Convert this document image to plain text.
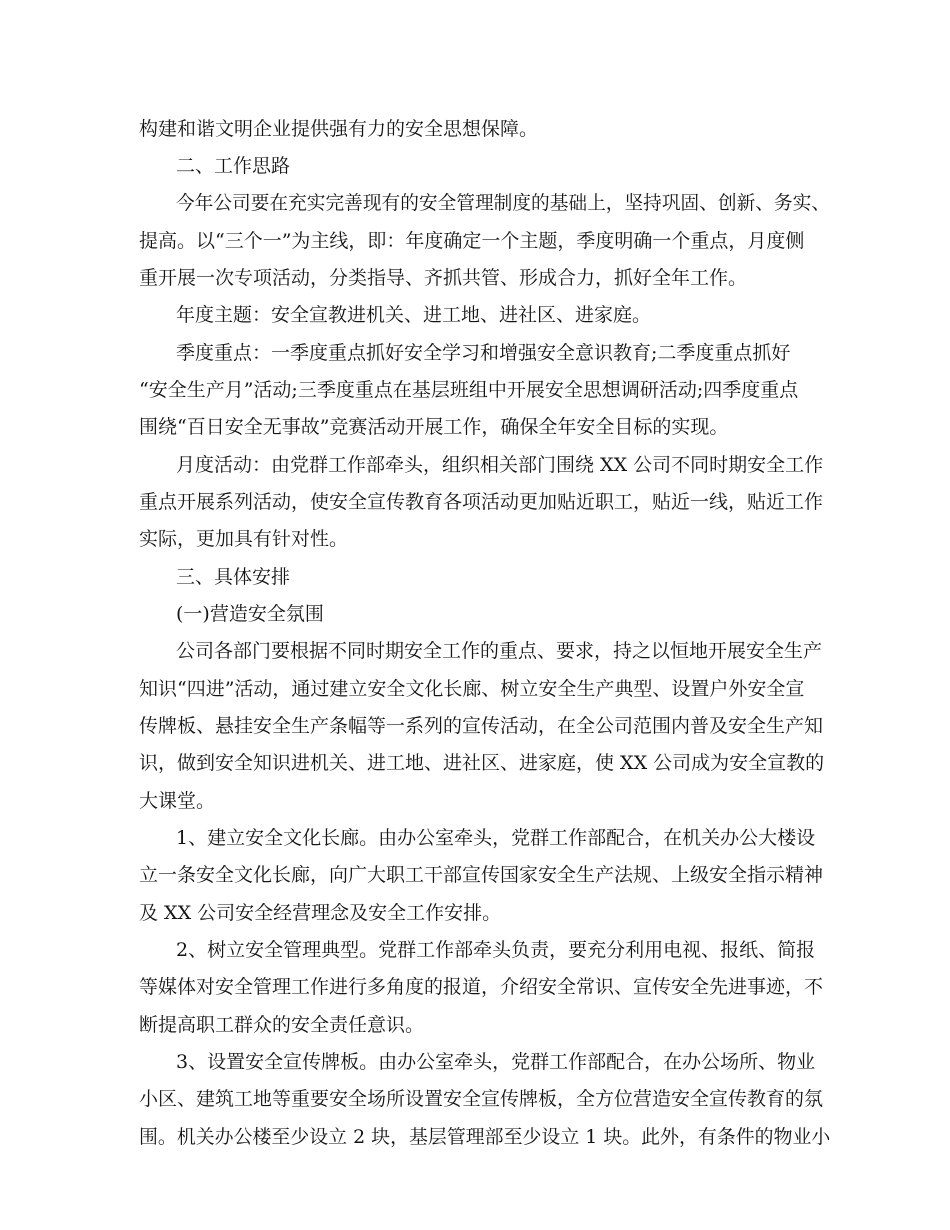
构建和谐文明企业提供强有力的安全思想保障。
二、工作思路
今年公司要在充实完善现有的安全管理制度的基础上，坚持巩固、创新、务实、
提高。以“三个一”为主线，即：年度确定一个主题，季度明确一个重点，月度侧
重开展一次专项活动，分类指导、齐抓共管、形成合力，抓好全年工作。
年度主题：安全宣教进机关、进工地、进社区、进家庭。
季度重点：一季度重点抓好安全学习和增强安全意识教育;二季度重点抓好
“安全生产月”活动;三季度重点在基层班组中开展安全思想调研活动;四季度重点
围绕“百日安全无事故”竞赛活动开展工作，确保全年安全目标的实现。
月度活动：由党群工作部牵头，组织相关部门围绕 XX 公司不同时期安全工作
重点开展系列活动，使安全宣传教育各项活动更加贴近职工，贴近一线，贴近工作
实际，更加具有针对性。
三、具体安排
(一)营造安全氛围
公司各部门要根据不同时期安全工作的重点、要求，持之以恒地开展安全生产
知识“四进”活动，通过建立安全文化长廊、树立安全生产典型、设置户外安全宣
传牌板、悬挂安全生产条幅等一系列的宣传活动，在全公司范围内普及安全生产知
识，做到安全知识进机关、进工地、进社区、进家庭，使 XX 公司成为安全宣教的
大课堂。
1、建立安全文化长廊。由办公室牵头，党群工作部配合，在机关办公大楼设
立一条安全文化长廊，向广大职工干部宣传国家安全生产法规、上级安全指示精神
及 XX 公司安全经营理念及安全工作安排。
2、树立安全管理典型。党群工作部牵头负责，要充分利用电视、报纸、简报
等媒体对安全管理工作进行多角度的报道，介绍安全常识、宣传安全先进事迹，不
断提高职工群众的安全责任意识。
3、设置安全宣传牌板。由办公室牵头，党群工作部配合，在办公场所、物业
小区、建筑工地等重要安全场所设置安全宣传牌板，全方位营造安全宣传教育的氛
围。机关办公楼至少设立 2 块，基层管理部至少设立 1 块。此外，有条件的物业小
